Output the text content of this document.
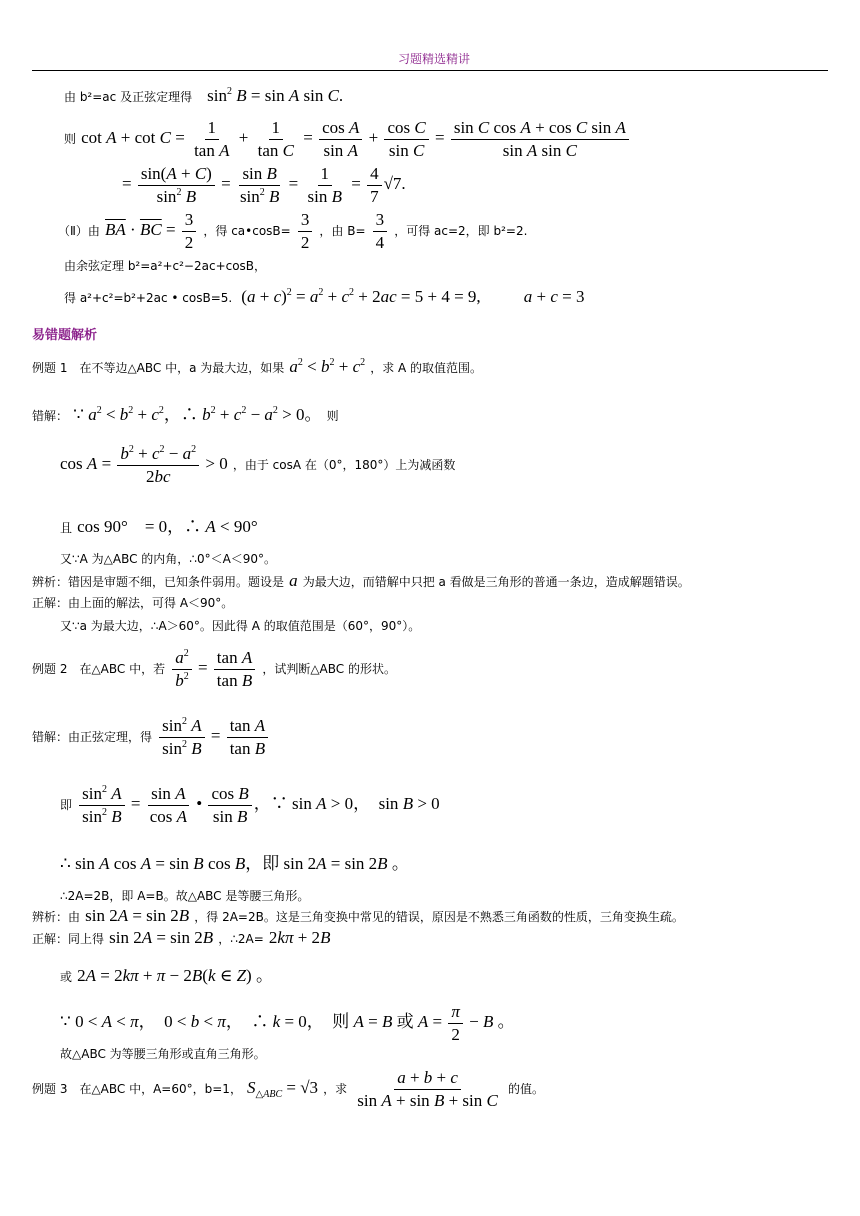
习题精选精讲
由 b²=ac 及正弦定理得 $\sin^2 B = \sin A$ sin C.
则 $\cot A + \cot C = \frac{1}{\text{tan A}} + \frac{1}{\text{tan C}} = \frac{\text{cos A}}{\text{sin A}} + \frac{\text{cos C}}{\text{sin C}} = \frac{\text{sin C cos A + cos C sin A}}{\text{sin A sin C}}$
= $\frac{\sin(A + C)}{\sin^2 B} = \frac{\text{sin B}}{\sin^2 B} = \frac{1}{\text{sin B}} = \frac{4}{7} √7$.
（Ⅱ）由 $\overline{BA} \cdot \overline{BC} = \frac{3}{2}$ ，得 ca•cosB= $\frac{3}{2}$ ，由 $B= \frac{3}{4}$ ，可得 ac=2，即 b²=2.
由余弦定理 b²=a²+c²−2ac+cosB，
得 a²+c²=b²+2ac • cosB=5. $(a + c)^2 = a^2 + c^2 + 2ac = 5 + 4 = 9$,	a + c = 3
易错题解析
例题 1　在不等边△ABC 中，a 为最大边，如果 $a^2 < b^2 + c^2$ ，求 A 的取值范围。
错解： ∵ $a^2 < b^2 + c^2$，∴ $b^2 + c^2 - a^2 > 0$。 则
$\cos A = \frac{b^2 + c^2 - a^2}{2bc} > 0$ ，由于 cosA 在（0°，180°）上为减函数
且 cos 90°　= 0，∴ A < 90°
又∵A 为△ABC 的内角，∴0°＜A＜90°。
辨析：错因是审题不细，已知条件弱用。题设是 a 为最大边，而错解中只把 a 看做是三角形的普通一条边，造成解题错误。
正解：由上面的解法，可得 A＜90°。
又∵a 为最大边，∴A＞60°。因此得 A 的取值范围是（60°，90°）。
例题 2　在△ABC 中，若 $\frac{a^2}{b^2} = \frac{\text{tan A}}{\text{tan B}}$ ，试判断△ABC 的形状。
错解：由正弦定理，得 $\frac{\sin^2 A}{\sin^2 B} = \frac{\text{tan A}}{\text{tan B}}$
即 $\frac{\sin^2 A}{\sin^2 B} = \frac{\text{sin A}}{\text{cos A}}$ • $\frac{\text{cos B}}{\text{sin B}}$ ，∵ sin A > 0，　sin B > 0
∴ sin A cos A = sin B cos B，即 sin 2A = sin 2B 。
∴2A=2B，即 A=B。故△ABC 是等腰三角形。
辨析：由 sin 2A = sin 2B ，得 2A=2B。这是三角变换中常见的错误，原因是不熟悉三角函数的性质，三角变换生疏。
正解：同上得 sin 2A = sin 2B ，∴2A= 2kπ + 2B
或 2A = 2kπ + π − 2B(k ∈ Z) 。
∵ 0 < A < π，　0 < b < π，　∴ k = 0，　则 A = B 或 $A = \frac{\pi}{2} - B$ 。
故△ABC 为等腰三角形或直角三角形。
例题 3　在△ABC 中，A=60°，b=1， $S_{\triangle ABC} = √3$ ，求 $\frac{a + b + c}{\text{sin A + sin B + sin C}}$ 的值。
